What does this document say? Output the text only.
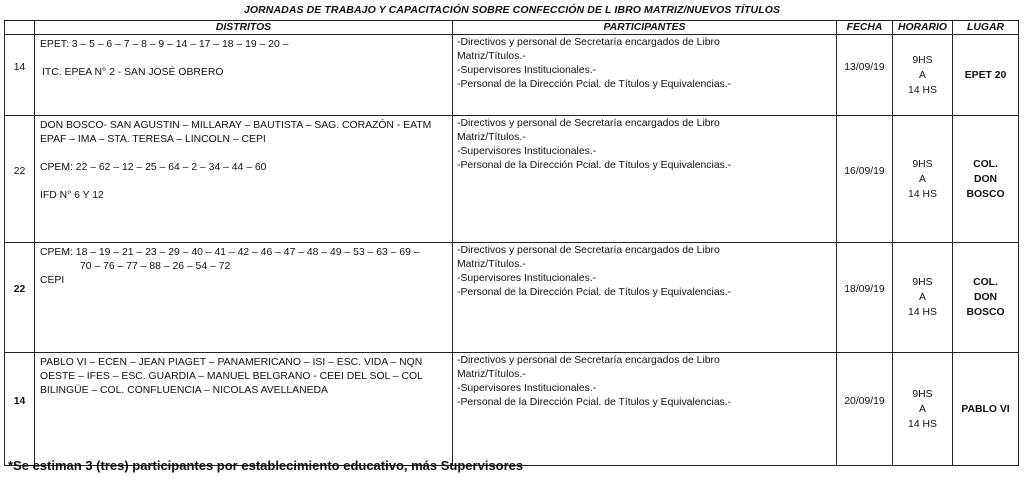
JORNADAS DE TRABAJO Y CAPACITACIÓN SOBRE CONFECCIÓN DE L IBRO MATRIZ/NUEVOS TÍTULOS
	DISTRITOS	PARTICIPANTES	FECHA	HORARIO	LUGAR
14	EPET: 3 – 5 – 6 – 7 – 8 – 9 – 14 – 17 – 18 – 19 – 20 –
ITC. EPEA N° 2 - SAN JOSÉ OBRERO	-Directivos y personal de Secretaría encargados de Libro
Matriz/Títulos.-
-Supervisores Institucionales.-
-Personal de la Dirección Pcial. de Títulos y Equivalencias.-	13/09/19	9HS
A
14 HS	EPET 20

22	DON BOSCO- SAN AGUSTIN – MILLARAY – BAUTISTA – SAG. CORAZÓN - EATM
EPAF – IMA – STA. TERESA – LINCOLN – CEPI
CPEM: 22 – 62 – 12 – 25 – 64 – 2 – 34 – 44 – 60
IFD N° 6 Y 12	-Directivos y personal de Secretaría encargados de Libro
Matriz/Títulos.-
-Supervisores Institucionales.-
-Personal de la Dirección Pcial. de Títulos y Equivalencias.-	16/09/19	9HS
A
14 HS	COL.
DON
BOSCO

22	CPEM: 18 – 19 – 21 – 23 – 29 – 40 – 41 – 42 – 46 – 47 – 48 – 49 – 53 – 63 – 69 –
70 – 76 – 77 – 88 – 26 – 54 – 72
CEPI	-Directivos y personal de Secretaría encargados de Libro
Matriz/Títulos.-
-Supervisores Institucionales.-
-Personal de la Dirección Pcial. de Títulos y Equivalencias.-	18/09/19	9HS
A
14 HS	COL.
DON
BOSCO

14	PABLO VI – ECEN – JEAN PIAGET – PANAMERICANO – ISI – ESC. VIDA – NQN
OESTE – IFES – ESC. GUARDIA – MANUEL BELGRANO - CEEI DEL SOL – COL
BILINGÜE – COL. CONFLUENCIA – NICOLAS AVELLANEDA	-Directivos y personal de Secretaría encargados de Libro
Matriz/Títulos.-
-Supervisores Institucionales.-
-Personal de la Dirección Pcial. de Títulos y Equivalencias.-	20/09/19	9HS
A
14 HS	PABLO VI
*Se estiman 3 (tres) participantes por establecimiento educativo, más Supervisores
